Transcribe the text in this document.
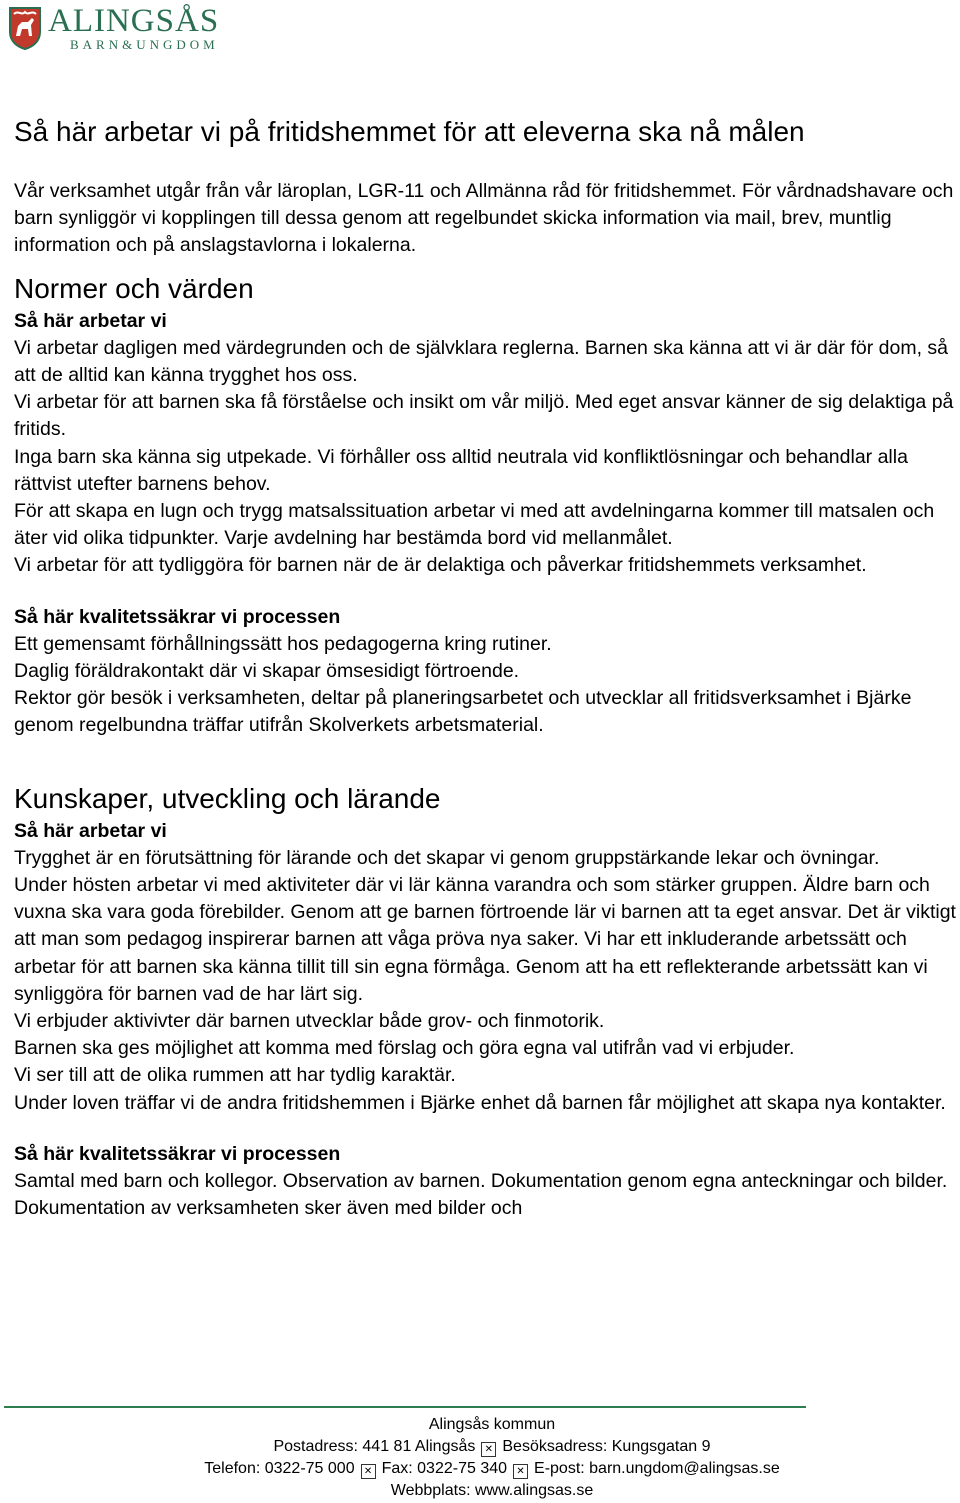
ALINGSÅS
BARN&UNGDOM
Så här arbetar vi på fritidshemmet för att eleverna ska nå målen

Vår verksamhet utgår från vår läroplan, LGR-11 och Allmänna råd för fritidshemmet. För vårdnadshavare och barn synliggör vi kopplingen till dessa genom att regelbundet skicka information via mail, brev, muntlig information och på anslagstavlorna i lokalerna.

Normer och värden
Så här arbetar vi

Vi arbetar dagligen med värdegrunden och de självklara reglerna. Barnen ska känna att vi är där för dom, så att de alltid kan känna trygghet hos oss.

Vi arbetar för att barnen ska få förståelse och insikt om vår miljö. Med eget ansvar känner de sig delaktiga på fritids.

Inga barn ska känna sig utpekade. Vi förhåller oss alltid neutrala vid konfliktlösningar och behandlar alla rättvist utefter barnens behov.

För att skapa en lugn och trygg matsalssituation arbetar vi med att avdelningarna kommer till matsalen och äter vid olika tidpunkter. Varje avdelning har bestämda bord vid mellanmålet.

Vi arbetar för att tydliggöra för barnen när de är delaktiga och påverkar fritidshemmets verksamhet.

Så här kvalitetssäkrar vi processen

Ett gemensamt förhållningssätt hos pedagogerna kring rutiner.

Daglig föräldrakontakt där vi skapar ömsesidigt förtroende.

Rektor gör besök i verksamheten, deltar på planeringsarbetet och utvecklar all fritidsverksamhet i Bjärke genom regelbundna träffar utifrån Skolverkets arbetsmaterial.

Kunskaper, utveckling och lärande
Så här arbetar vi

Trygghet är en förutsättning för lärande och det skapar vi genom gruppstärkande lekar och övningar.

Under hösten arbetar vi med aktiviteter där vi lär känna varandra och som stärker gruppen. Äldre barn och vuxna ska vara goda förebilder. Genom att ge barnen förtroende lär vi barnen att ta eget ansvar. Det är viktigt att man som pedagog inspirerar barnen att våga pröva nya saker. Vi har ett inkluderande arbetssätt och arbetar för att barnen ska känna tillit till sin egna förmåga. Genom att ha ett reflekterande arbetssätt kan vi synliggöra för barnen vad de har lärt sig.

Vi erbjuder aktivivter där barnen utvecklar både grov- och finmotorik.

Barnen ska ges möjlighet att komma med förslag och göra egna val utifrån vad vi erbjuder.

Vi ser till att de olika rummen att har tydlig karaktär.

Under loven träffar vi de andra fritidshemmen i Bjärke enhet då barnen får möjlighet att skapa nya kontakter.

Så här kvalitetssäkrar vi processen

Samtal med barn och kollegor. Observation av barnen. Dokumentation genom egna anteckningar och bilder. Dokumentation av verksamheten sker även med bilder och

Alingsås kommun
Postadress: 441 81 Alingsås ✕ Besöksadress: Kungsgatan 9
Telefon: 0322-75 000 ✕ Fax: 0322-75 340 ✕ E-post: barn.ungdom@alingsas.se
Webbplats: www.alingsas.se
